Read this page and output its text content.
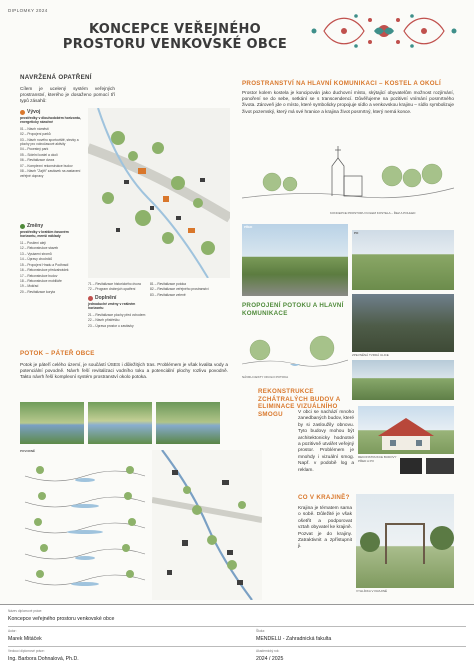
DIPLOMKY 2024
KONCEPCE VEŘEJNÉHO
PROSTORU VENKOVSKÉ OBCE
NAVRŽENÁ OPATŘENÍ
Cílem je ucelený systém veřejných prostranství, kterého je dosaženo pomocí tří typů zásahů:
Vývoj
prostředky v dlouhodobém horizontu, energeticky náročné
01 – Návrh náměstí
02 – Propojení parků
03 – Návrh nového sportoviště, stezky a plochy pro volnočasové aktivity
04 – Pocestný park
05 – Sídelní kostel a okolí
06 – Revitalizace dvora
07 – Komplexní rekonstrukce budov
08 – Návrh "Zajtří" zastávek na zastavení veřejné dopravy
Změny
prostředky v kratším časovém horizontu, menší náklady
11 – Posílení alejí
12 – Rekonstrukce staveb
13 – Vysázení stromů
14 – Úpravy chodníků
15 – Propojení Hradu a Podhradí
16 – Rekonstrukce předzahrádek
17 – Rekonstrukce budov
18 – Rekonstrukce mobiliáře
19 – Mokřad
20 – Revitalizace koryta
71 – Revitalizace historického dvora
72 – Program drobných opatření
Doplnění
jednoduché změny v reálném horizontu
21 – Revitalizace plochy před vchodem
22 – Návrh přístřešku
23 – Úprava prostor u zastávky
81 – Revitalizace potoka
82 – Revitalizace veřejného prostranství
83 – Revitalizace zeleně
POTOK – PÁTEŘ OBCE
Potok je páteří celého území, je součástí ÚSES i důležitých tras. Problémem je však kvalita vody a potenciální povodně. Návrh řeší revitalizaci vodního toku a potenciální plochy rozlivu povodně. Takto návrh řeší komplexní systém prostranství okolo potoka.
POVODNĚ
PROSTRANSTVÍ NA HLAVNÍ KOMUNIKACI – KOSTEL A OKOLÍ
Prostor kolem kostela je koncipován jako duchovní místo, skýtající obyvatelům možnost rozjímání, ponoření se do sebe, setkání se s transcendencí. Důvěřujeme na pozitivní vnímání posmrtného života. Zároveň jde o místo, které symbolicky propojuje sídlo a venkovskou krajinu – sídlo symbolizuje život pozemský, který má své hranice a krajina život posmrtný, který nemá konce.
KONCEPCE PROSTORU KOLEM KOSTELA – ŘEZ A POHLED
PŘED
PO
PROPOJENÍ POTOKU A HLAVNÍ KOMUNIKACE
ZPEVNĚNÁ TVRDÁ ULICE
NÁVRH CESTY OKOLO POTOKA
REKONSTRUKCE ZCHÁTRALÝCH BUDOV A ELIMINACE VIZUÁLNÍHO SMOGU	V obci se nachází mnoho zanedbaných budov, které by si zasloužily obnovu. Tyto budovy mohou být architektonicky hodnotné a pozitivně utvářet veřejný prostor. Problémem je mnohdy i vizuální smog. Např. v podobě log a reklam.
REKONSTRUKCE BUDOVY PŘED A PO
CO V KRAJINĚ?
Krajina je tématem sama o sobě. Důležité je však ošetřit a podporovat vztah obyvatel ke krajině. Pozvat je do krajiny. Zatraktivnit a zpřístupnit ji.
VYHLÍDKA V KRAJINĚ
Název diplomové práce:
Koncepce veřejného prostoru venkovské obce
Autor:
Marek Mitáček
Škola:
MENDELU - Zahradnická fakulta
Vedoucí diplomové práce:
Ing. Barbora Dohnalová, Ph.D.
Akademický rok:
2024 / 2025
